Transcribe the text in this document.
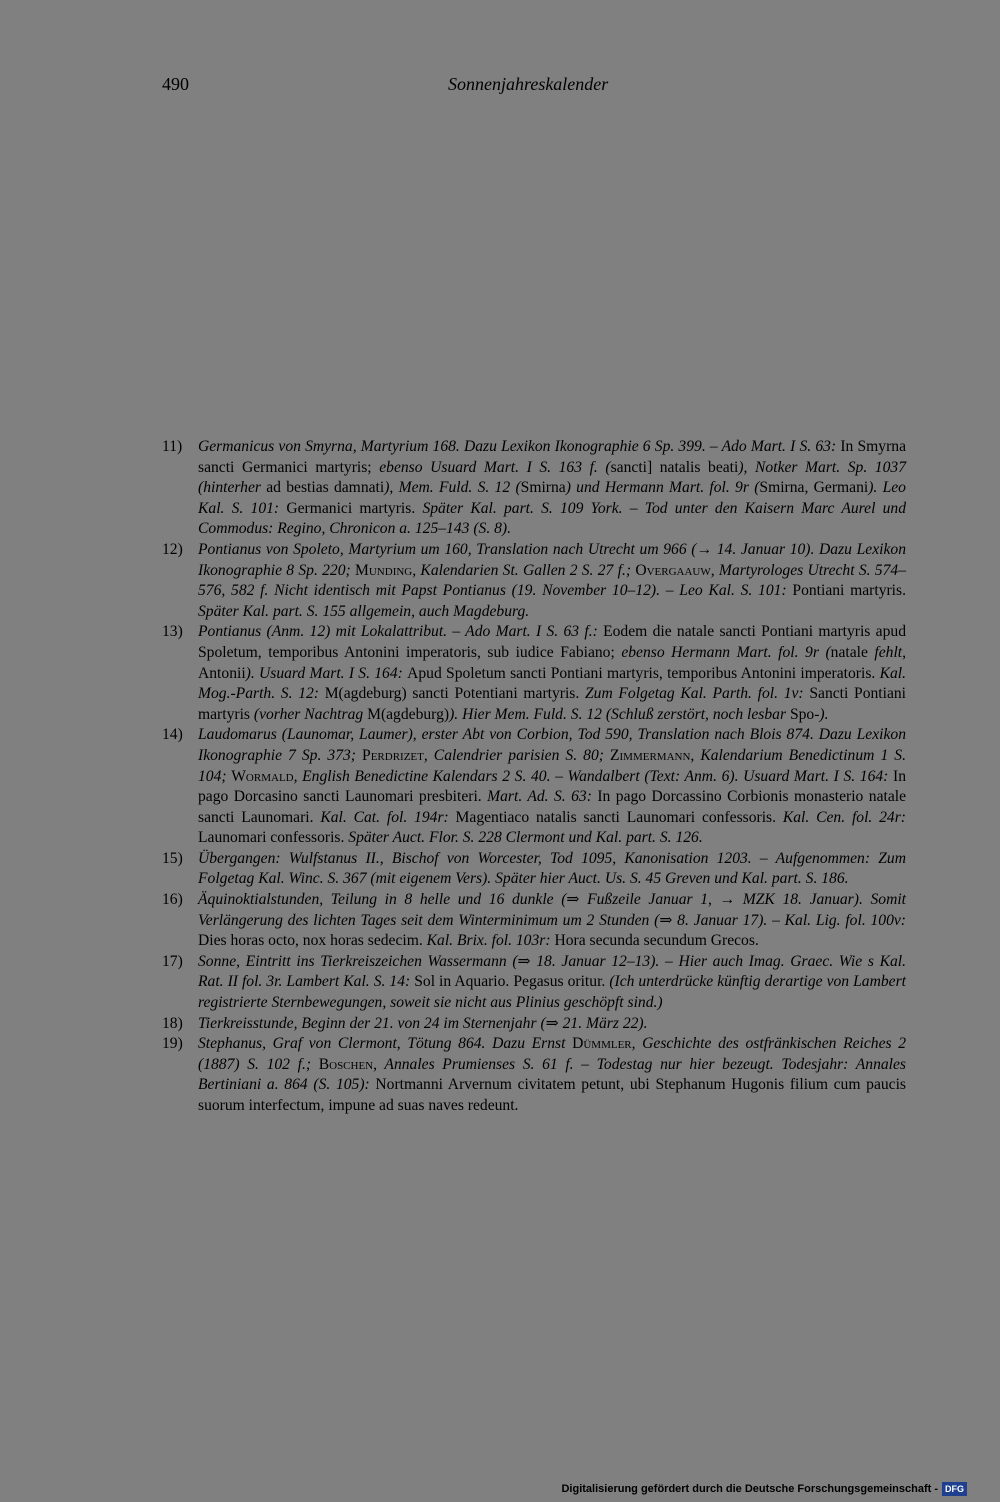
490	Sonnenjahreskalender
11)	Germanicus von Smyrna, Martyrium 168. Dazu Lexikon Ikonographie 6 Sp. 399. – Ado Mart. I S. 63: In Smyrna sancti Germanici martyris; ebenso Usuard Mart. I S. 163 f. (sancti] natalis beati), Notker Mart. Sp. 1037 (hinterher ad bestias damnati), Mem. Fuld. S. 12 (Smirna) und Hermann Mart. fol. 9r (Smirna, Germani). Leo Kal. S. 101: Germanici martyris. Später Kal. part. S. 109 York. – Tod unter den Kaisern Marc Aurel und Commodus: Regino, Chronicon a. 125–143 (S. 8).
12) Pontianus von Spoleto, Martyrium um 160, Translation nach Utrecht um 966 (→ 14. Januar 10). Dazu Lexikon Ikonographie 8 Sp. 220; Munding, Kalendarien St. Gallen 2 S. 27 f.; Overgaauw, Martyrologes Utrecht S. 574–576, 582 f. Nicht identisch mit Papst Pontianus (19. November 10–12). – Leo Kal. S. 101: Pontiani martyris. Später Kal. part. S. 155 allgemein, auch Magdeburg.
13) Pontianus (Anm. 12) mit Lokalattribut. – Ado Mart. I S. 63 f.: Eodem die natale sancti Pontiani martyris apud Spoletum, temporibus Antonini imperatoris, sub iudice Fabiano; ebenso Hermann Mart. fol. 9r (natale fehlt, Antonii). Usuard Mart. I S. 164: Apud Spoletum sancti Pontiani martyris, temporibus Antonini imperatoris. Kal. Mog.-Parth. S. 12: M(agdeburg) sancti Potentiani martyris. Zum Folgetag Kal. Parth. fol. 1v: Sancti Pontiani martyris (vorher Nachtrag M(agdeburg)). Hier Mem. Fuld. S. 12 (Schluß zerstört, noch lesbar Spo-).
14) Laudomarus (Launomar, Laumer), erster Abt von Corbion, Tod 590, Translation nach Blois 874. Dazu Lexikon Ikonographie 7 Sp. 373; Perdrizet, Calendrier parisien S. 80; Zimmermann, Kalendarium Benedictinum 1 S. 104; Wormald, English Benedictine Kalendars 2 S. 40. – Wandalbert (Text: Anm. 6). Usuard Mart. I S. 164: In pago Dorcasino sancti Launomari presbiteri. Mart. Ad. S. 63: In pago Dorcassino Corbionis monasterio natale sancti Launomari. Kal. Cat. fol. 194r: Magentiaco natalis sancti Launomari confessoris. Kal. Cen. fol. 24r: Launomari confessoris. Später Auct. Flor. S. 228 Clermont und Kal. part. S. 126.
15) Übergangen: Wulfstanus II., Bischof von Worcester, Tod 1095, Kanonisation 1203. – Aufgenommen: Zum Folgetag Kal. Winc. S. 367 (mit eigenem Vers). Später hier Auct. Us. S. 45 Greven und Kal. part. S. 186.
16) Äquinoktialstunden, Teilung in 8 helle und 16 dunkle (⇒ Fußzeile Januar 1, → MZK 18. Januar). Somit Verlängerung des lichten Tages seit dem Winterminimum um 2 Stunden (⇒ 8. Januar 17). – Kal. Lig. fol. 100v: Dies horas octo, nox horas sedecim. Kal. Brix. fol. 103r: Hora secunda secundum Grecos.
17) Sonne, Eintritt ins Tierkreiszeichen Wassermann (⇒ 18. Januar 12–13). – Hier auch Imag. Graec. Wie s Kal. Rat. II fol. 3r. Lambert Kal. S. 14: Sol in Aquario. Pegasus oritur. (Ich unterdrücke künftig derartige von Lambert registrierte Sternbewegungen, soweit sie nicht aus Plinius geschöpft sind.)
18) Tierkreisstunde, Beginn der 21. von 24 im Sternenjahr (⇒ 21. März 22).
19) Stephanus, Graf von Clermont, Tötung 864. Dazu Ernst Dümmler, Geschichte des ostfränkischen Reiches 2 (1887) S. 102 f.; Boschen, Annales Prumienses S. 61 f. – Todestag nur hier bezeugt. Todesjahr: Annales Bertiniani a. 864 (S. 105): Nortmanni Arvernum civitatem petunt, ubi Stephanum Hugonis filium cum paucis suorum interfectum, impune ad suas naves redeunt.
Digitalisierung gefördert durch die Deutsche Forschungsgemeinschaft - DFG
